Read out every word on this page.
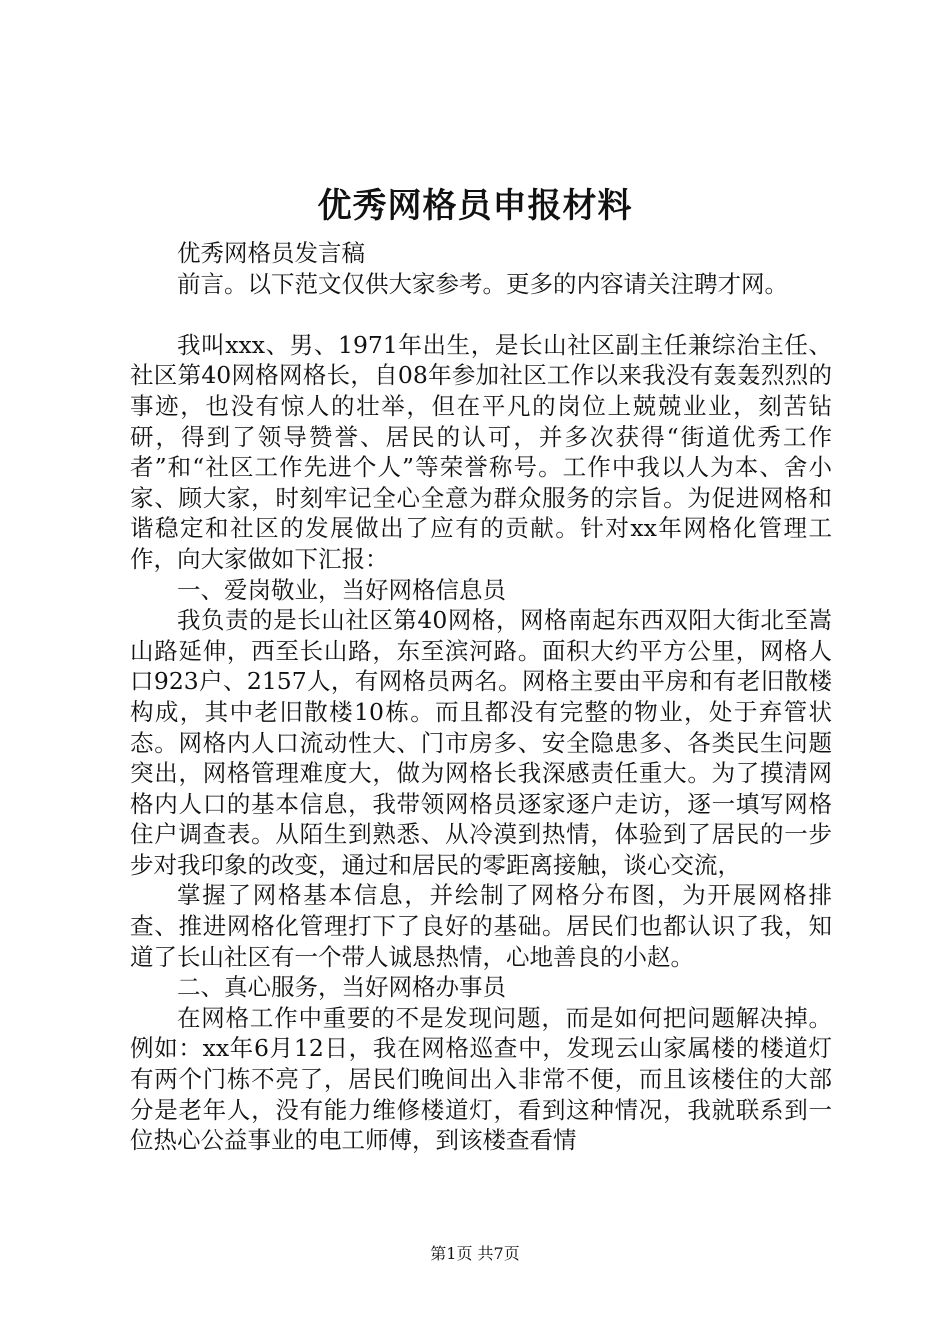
优秀网格员申报材料

优秀网格员发言稿

前言。以下范文仅供大家参考。更多的内容请关注聘才网。

我叫xxx、男、1971年出生，是长山社区副主任兼综治主任、社区第40网格网格长，自08年参加社区工作以来我没有轰轰烈烈的事迹，也没有惊人的壮举，但在平凡的岗位上兢兢业业，刻苦钻研，得到了领导赞誉、居民的认可，并多次获得“街道优秀工作者”和“社区工作先进个人”等荣誉称号。工作中我以人为本、舍小家、顾大家，时刻牢记全心全意为群众服务的宗旨。为促进网格和谐稳定和社区的发展做出了应有的贡献。针对xx年网格化管理工作，向大家做如下汇报：

一、爱岗敬业，当好网格信息员

我负责的是长山社区第40网格，网格南起东西双阳大街北至嵩山路延伸，西至长山路，东至滨河路。面积大约平方公里，网格人口923户、2157人，有网格员两名。网格主要由平房和有老旧散楼构成，其中老旧散楼10栋。而且都没有完整的物业，处于弃管状态。网格内人口流动性大、门市房多、安全隐患多、各类民生问题突出，网格管理难度大，做为网格长我深感责任重大。为了摸清网格内人口的基本信息，我带领网格员逐家逐户走访，逐一填写网格住户调查表。从陌生到熟悉、从冷漠到热情，体验到了居民的一步步对我印象的改变，通过和居民的零距离接触，谈心交流，

掌握了网格基本信息，并绘制了网格分布图，为开展网格排查、推进网格化管理打下了良好的基础。居民们也都认识了我，知道了长山社区有一个带人诚恳热情，心地善良的小赵。

二、真心服务，当好网格办事员

在网格工作中重要的不是发现问题，而是如何把问题解决掉。例如：xx年6月12日，我在网格巡查中，发现云山家属楼的楼道灯有两个门栋不亮了，居民们晚间出入非常不便，而且该楼住的大部分是老年人，没有能力维修楼道灯，看到这种情况，我就联系到一位热心公益事业的电工师傅，到该楼查看情

第1页 共7页
